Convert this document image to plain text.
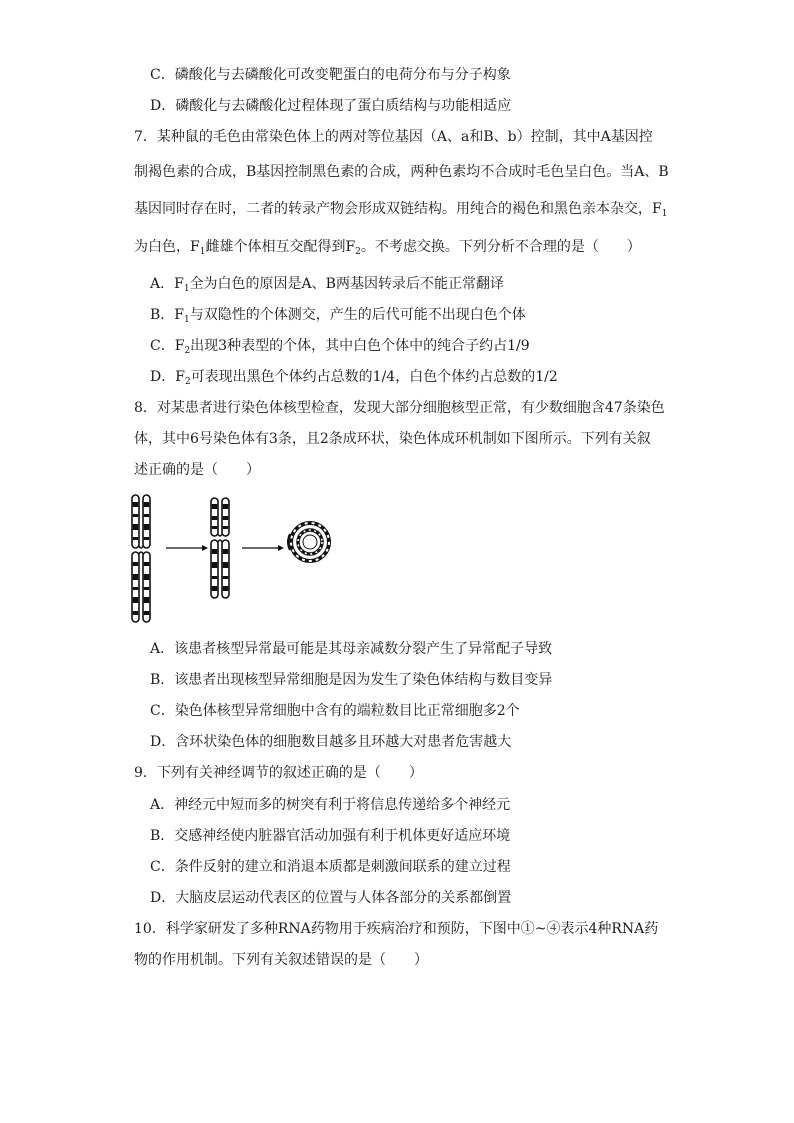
C．磷酸化与去磷酸化可改变靶蛋白的电荷分布与分子构象
D．磷酸化与去磷酸化过程体现了蛋白质结构与功能相适应
7．某种鼠的毛色由常染色体上的两对等位基因（A、a和B、b）控制，其中A基因控
制褐色素的合成，B基因控制黑色素的合成，两种色素均不合成时毛色呈白色。当A、B
基因同时存在时，二者的转录产物会形成双链结构。用纯合的褐色和黑色亲本杂交，$F_1$
为白色，$F_1$雌雄个体相互交配得到$F_2$。不考虑交换。下列分析不合理的是（　　）
A．$F_1$全为白色的原因是A、B两基因转录后不能正常翻译
B．$F_1$与双隐性的个体测交，产生的后代可能不出现白色个体
C．$F_2$出现3种表型的个体，其中白色个体中的纯合子约占1/9
D．$F_2$可表现出黑色个体约占总数的1/4，白色个体约占总数的1/2
8．对某患者进行染色体核型检查，发现大部分细胞核型正常，有少数细胞含47条染色
体，其中6号染色体有3条，且2条成环状，染色体成环机制如下图所示。下列有关叙
述正确的是（　　）
A．该患者核型异常最可能是其母亲减数分裂产生了异常配子导致
B．该患者出现核型异常细胞是因为发生了染色体结构与数目变异
C．染色体核型异常细胞中含有的端粒数目比正常细胞多2个
D．含环状染色体的细胞数目越多且环越大对患者危害越大
9．下列有关神经调节的叙述正确的是（　　）
A．神经元中短而多的树突有利于将信息传递给多个神经元
B．交感神经使内脏器官活动加强有利于机体更好适应环境
C．条件反射的建立和消退本质都是刺激间联系的建立过程
D．大脑皮层运动代表区的位置与人体各部分的关系都倒置
10．科学家研发了多种RNA药物用于疾病治疗和预防，下图中①~④表示4种RNA药
物的作用机制。下列有关叙述错误的是（　　）
